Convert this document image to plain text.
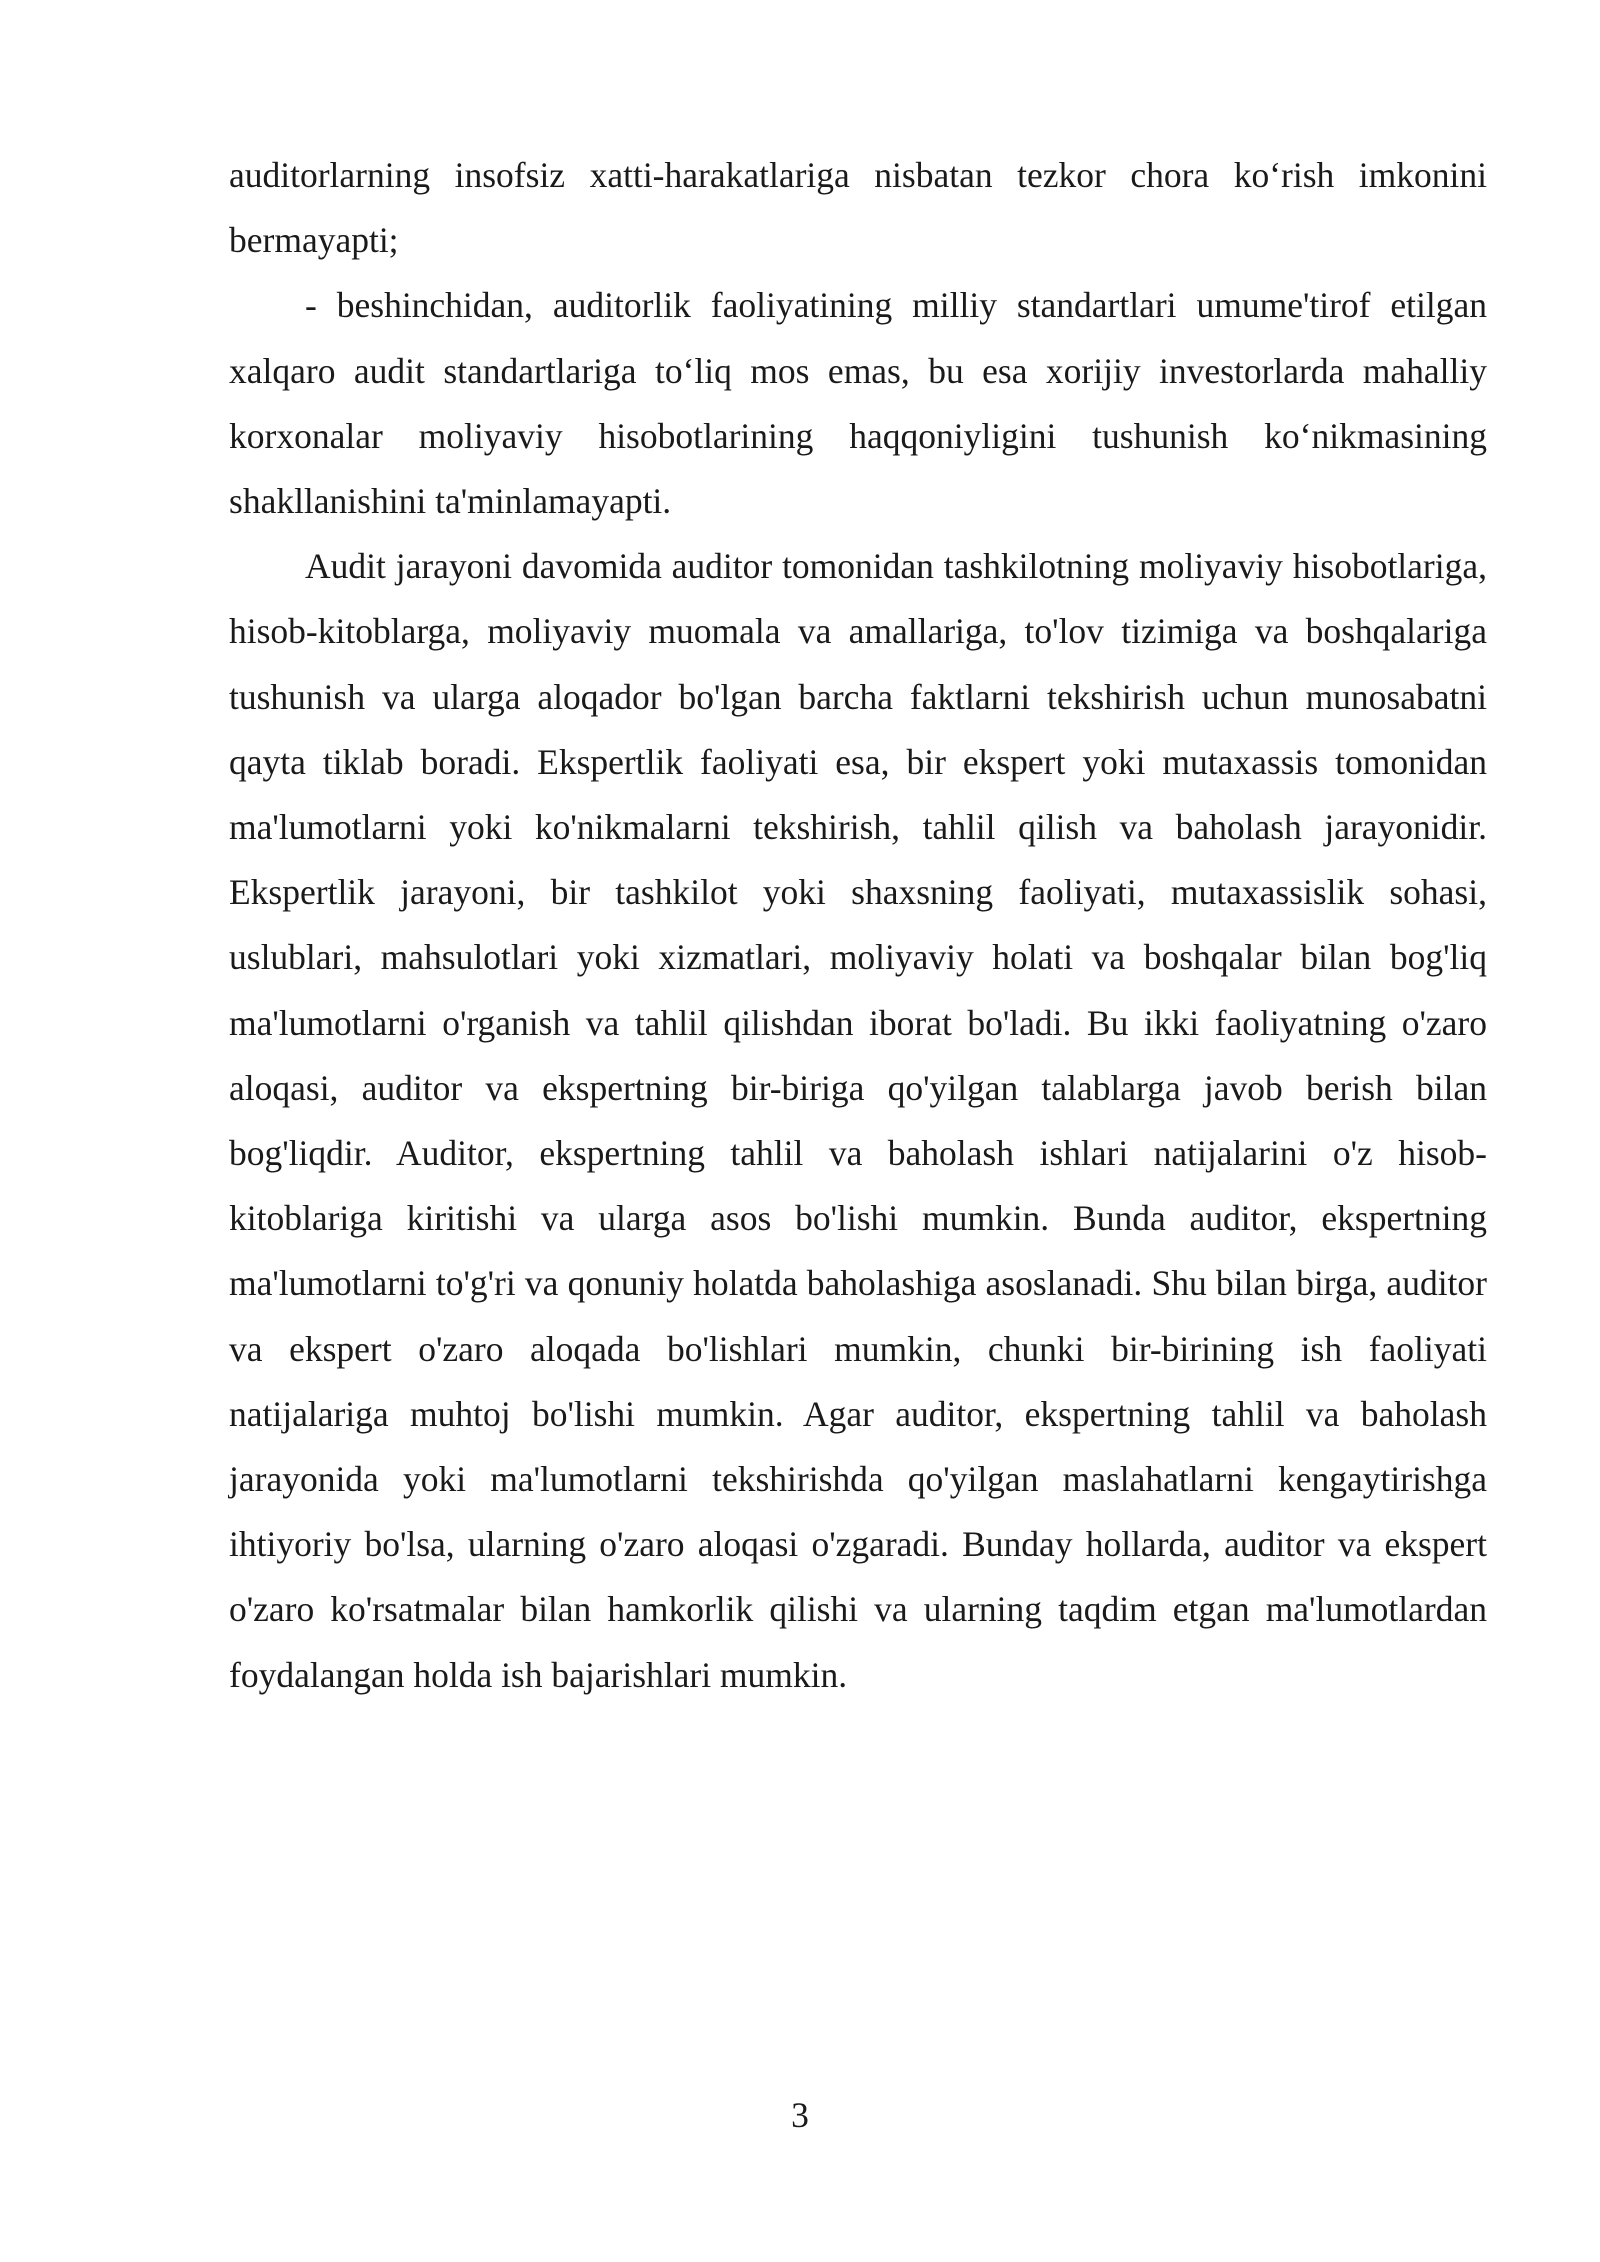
auditorlarning insofsiz xatti-harakatlariga nisbatan tezkor chora ko‘rish imkonini bermayapti;

- beshinchidan, auditorlik faoliyatining milliy standartlari umume'tirof etilgan xalqaro audit standartlariga to‘liq mos emas, bu esa xorijiy investorlarda mahalliy korxonalar moliyaviy hisobotlarining haqqoniyligini tushunish ko‘nikmasining shakllanishini ta'minlamayapti.

Audit jarayoni davomida auditor tomonidan tashkilotning moliyaviy hisobotlariga, hisob-kitoblarga, moliyaviy muomala va amallariga, to'lov tizimiga va boshqalariga tushunish va ularga aloqador bo'lgan barcha faktlarni tekshirish uchun munosabatni qayta tiklab boradi. Ekspertlik faoliyati esa, bir ekspert yoki mutaxassis tomonidan ma'lumotlarni yoki ko'nikmalarni tekshirish, tahlil qilish va baholash jarayonidir. Ekspertlik jarayoni, bir tashkilot yoki shaxsning faoliyati, mutaxassislik sohasi, uslublari, mahsulotlari yoki xizmatlari, moliyaviy holati va boshqalar bilan bog'liq ma'lumotlarni o'rganish va tahlil qilishdan iborat bo'ladi. Bu ikki faoliyatning o'zaro aloqasi, auditor va ekspertning bir-biriga qo'yilgan talablarga javob berish bilan bog'liqdir. Auditor, ekspertning tahlil va baholash ishlari natijalarini o'z hisob-kitoblariga kiritishi va ularga asos bo'lishi mumkin. Bunda auditor, ekspertning ma'lumotlarni to'g'ri va qonuniy holatda baholashiga asoslanadi. Shu bilan birga, auditor va ekspert o'zaro aloqada bo'lishlari mumkin, chunki bir-birining ish faoliyati natijalariga muhtoj bo'lishi mumkin. Agar auditor, ekspertning tahlil va baholash jarayonida yoki ma'lumotlarni tekshirishda qo'yilgan maslahatlarni kengaytirishga ihtiyoriy bo'lsa, ularning o'zaro aloqasi o'zgaradi. Bunday hollarda, auditor va ekspert o'zaro ko'rsatmalar bilan hamkorlik qilishi va ularning taqdim etgan ma'lumotlardan foydalangan holda ish bajarishlari mumkin.

3
